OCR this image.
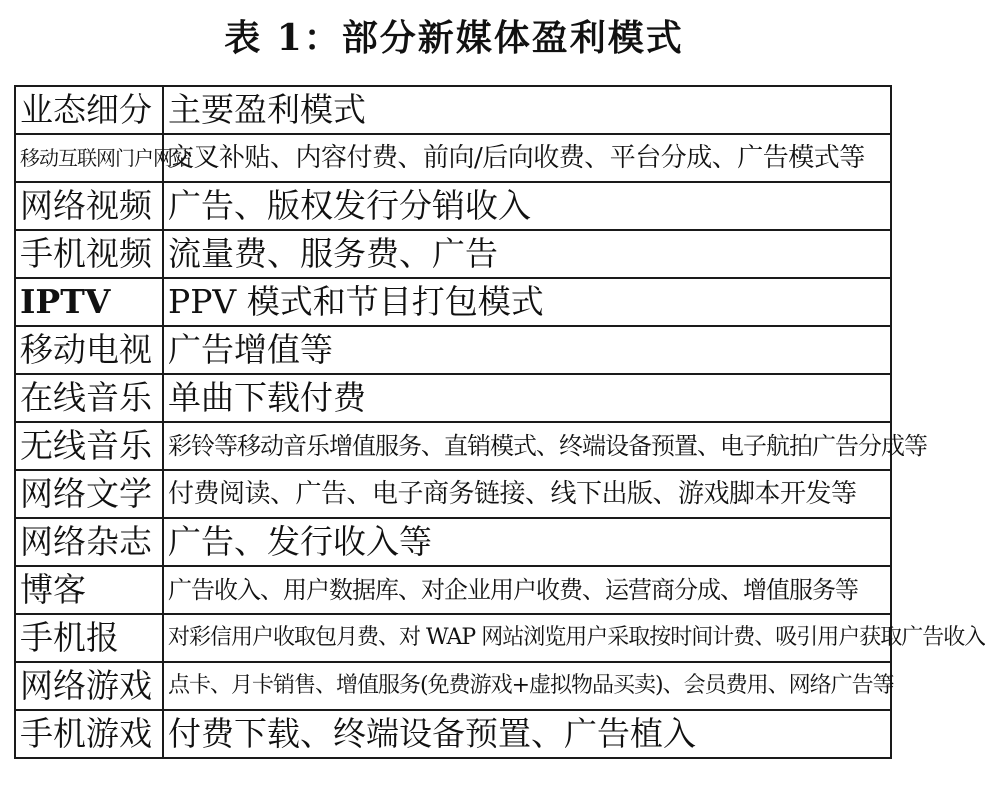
表 1：部分新媒体盈利模式
业态细分	主要盈利模式
移动互联网门户网站	交叉补贴、内容付费、前向/后向收费、平台分成、广告模式等
网络视频	广告、版权发行分销收入
手机视频	流量费、服务费、广告
IPTV	PPV 模式和节目打包模式
移动电视	广告增值等
在线音乐	单曲下载付费
无线音乐	彩铃等移动音乐增值服务、直销模式、终端设备预置、电子航拍广告分成等
网络文学	付费阅读、广告、电子商务链接、线下出版、游戏脚本开发等
网络杂志	广告、发行收入等
博客	广告收入、用户数据库、对企业用户收费、运营商分成、增值服务等
手机报	对彩信用户收取包月费、对 WAP 网站浏览用户采取按时间计费、吸引用户获取广告收入
网络游戏	点卡、月卡销售、增值服务(免费游戏+虚拟物品买卖)、会员费用、网络广告等
手机游戏	付费下载、终端设备预置、广告植入
